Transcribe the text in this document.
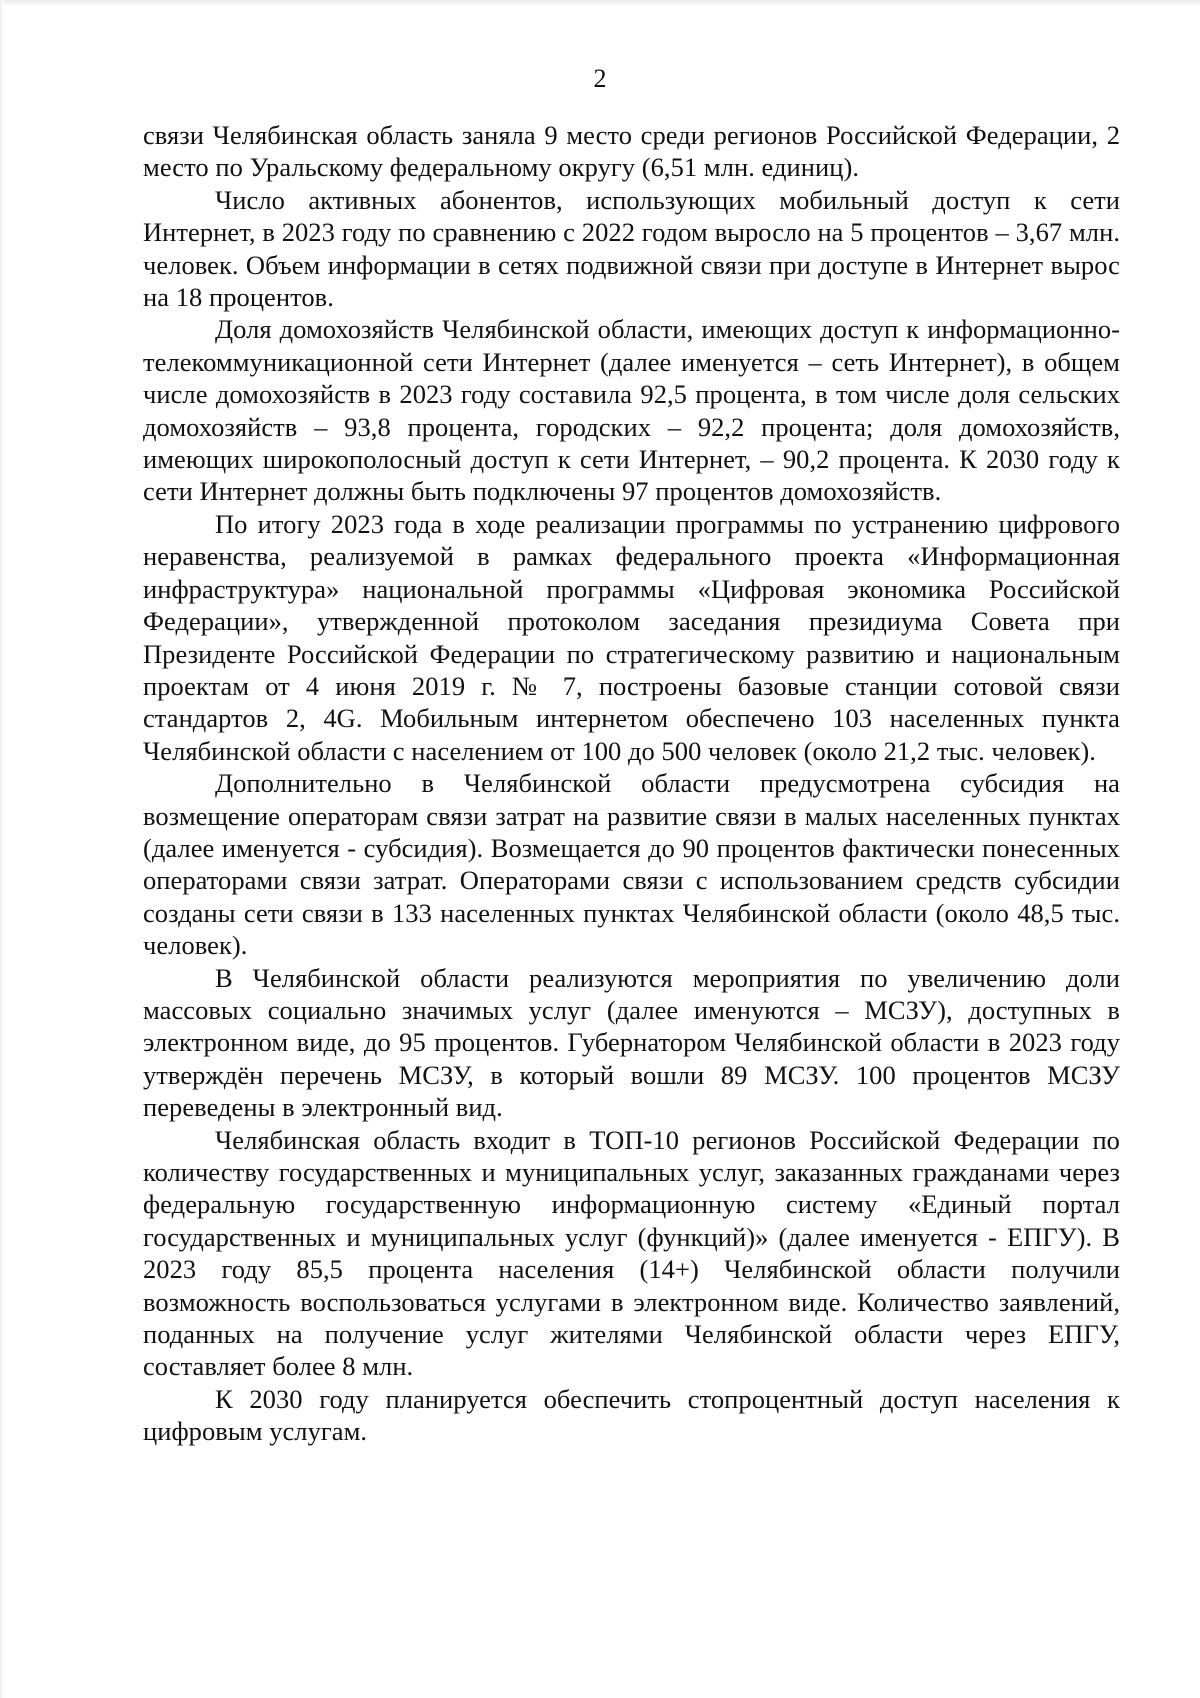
2

связи Челябинская область заняла 9 место среди регионов Российской Федерации, 2 место по Уральскому федеральному округу (6,51 млн. единиц).

Число активных абонентов, использующих мобильный доступ к сети Интернет, в 2023 году по сравнению с 2022 годом выросло на 5 процентов – 3,67 млн. человек. Объем информации в сетях подвижной связи при доступе в Интернет вырос на 18 процентов.

Доля домохозяйств Челябинской области, имеющих доступ к информационно-телекоммуникационной сети Интернет (далее именуется – сеть Интернет), в общем числе домохозяйств в 2023 году составила 92,5 процента, в том числе доля сельских домохозяйств – 93,8 процента, городских – 92,2 процента; доля домохозяйств, имеющих широкополосный доступ к сети Интернет, – 90,2 процента. К 2030 году к сети Интернет должны быть подключены 97 процентов домохозяйств.

По итогу 2023 года в ходе реализации программы по устранению цифрового неравенства, реализуемой в рамках федерального проекта «Информационная инфраструктура» национальной программы «Цифровая экономика Российской Федерации», утвержденной протоколом заседания президиума Совета при Президенте Российской Федерации по стратегическому развитию и национальным проектам от 4 июня 2019 г. № 7, построены базовые станции сотовой связи стандартов 2, 4G. Мобильным интернетом обеспечено 103 населенных пункта Челябинской области с населением от 100 до 500 человек (около 21,2 тыс. человек).

Дополнительно в Челябинской области предусмотрена субсидия на возмещение операторам связи затрат на развитие связи в малых населенных пунктах (далее именуется - субсидия). Возмещается до 90 процентов фактически понесенных операторами связи затрат. Операторами связи с использованием средств субсидии созданы сети связи в 133 населенных пунктах Челябинской области (около 48,5 тыс. человек).

В Челябинской области реализуются мероприятия по увеличению доли массовых социально значимых услуг (далее именуются – МСЗУ), доступных в электронном виде, до 95 процентов. Губернатором Челябинской области в 2023 году утверждён перечень МСЗУ, в который вошли 89 МСЗУ. 100 процентов МСЗУ переведены в электронный вид.

Челябинская область входит в ТОП-10 регионов Российской Федерации по количеству государственных и муниципальных услуг, заказанных гражданами через федеральную государственную информационную систему «Единый портал государственных и муниципальных услуг (функций)» (далее именуется - ЕПГУ). В 2023 году 85,5 процента населения (14+) Челябинской области получили возможность воспользоваться услугами в электронном виде. Количество заявлений, поданных на получение услуг жителями Челябинской области через ЕПГУ, составляет более 8 млн.

К 2030 году планируется обеспечить стопроцентный доступ населения к цифровым услугам.
